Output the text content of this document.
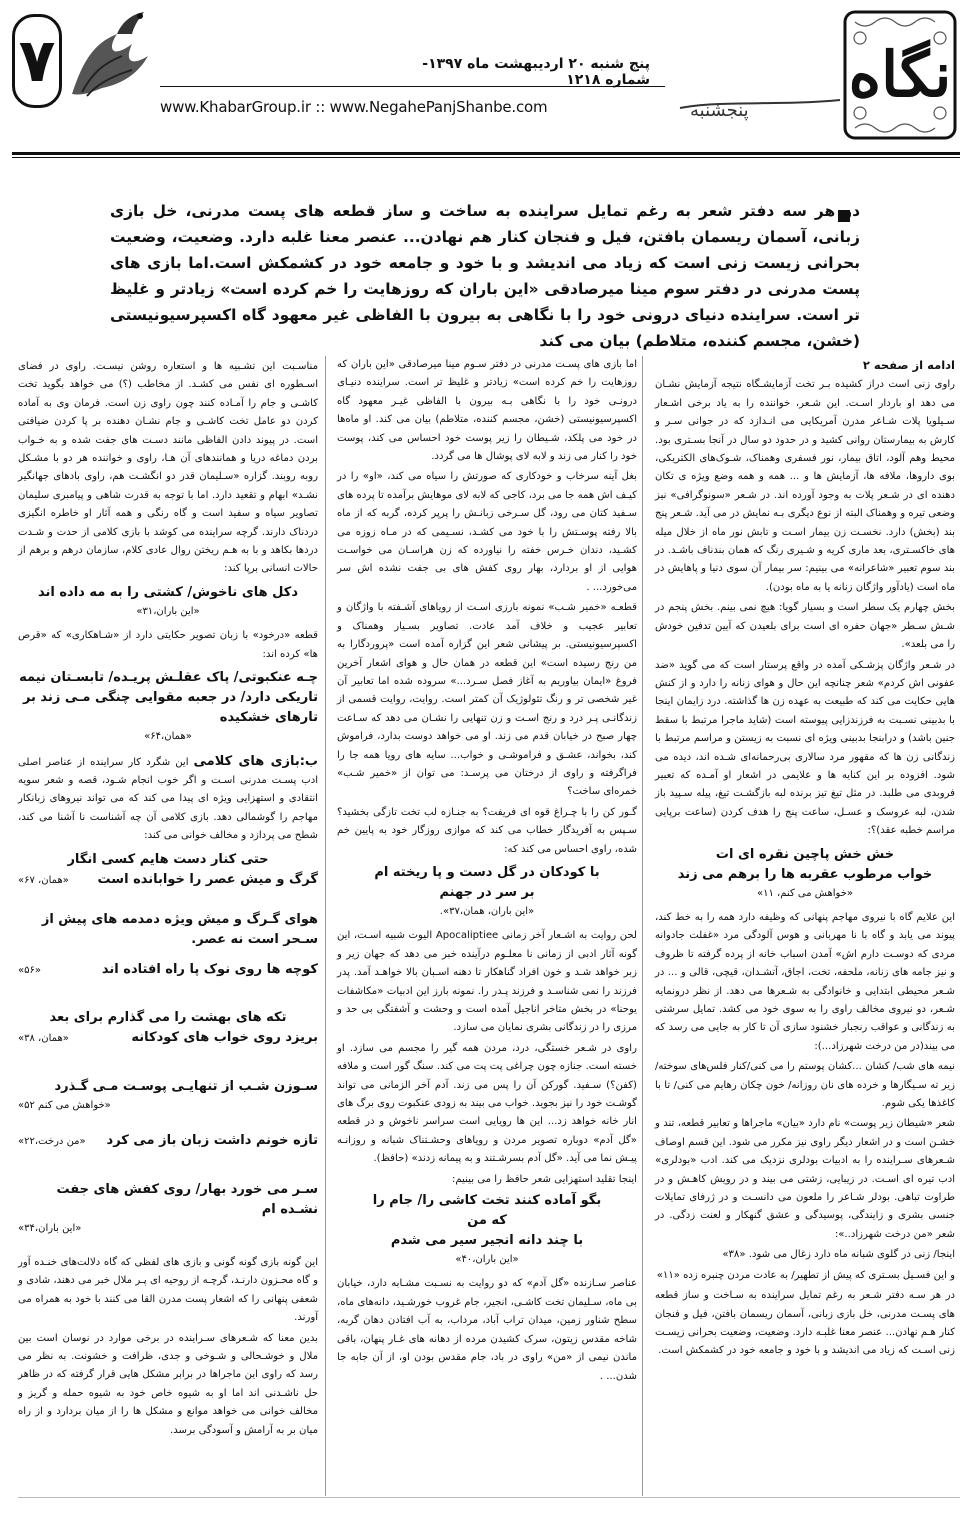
۷	پنج شنبه ۲۰ اردیبهشت ماه ۱۳۹۷- شماره ۱۲۱۸
www.KhabarGroup.ir :: www.NegahePanjShanbe.com	نگاه
پنجشنبه
در هر سه دفتر شعر به رغم تمایل سراینده به ساخت و ساز قطعه های پست مدرنی، خل بازی زبانی، آسمان ریسمان بافتن، فیل و فنجان کنار هم نهادن... عنصر معنا غلبه دارد. وضعیت، وضعیت بحرانی زیست زنی است که زیاد می اندیشد و با خود و جامعه خود در کشمکش است.اما بازی های پست مدرنی در دفتر سوم مینا میرصادقی «این باران که روزهایت را خم کرده است» زیادتر و غلیظ تر است. سراینده دنیای درونی خود را با نگاهی به بیرون با الفاظی غیر معهود گاه اکسپرسیونیستی (خشن، مجسم کننده، متلاطم) بیان می کند
ادامه از صفحه ۲

راوی زنی است دراز کشیده بـر تخت آزمایشـگاه نتیجه آزمایش نشـان می دهد او باردار اسـت. این شـعر، خواننده را به یاد برخی اشـعار سـیلویا پلات شـاعر مدرن آمریکایی می انـدازد که در جوانی سـر و کارش به بیمارستان روانی کشید و در حدود دو سال در آنجا بسـتری بود. محیط وهم آلود، اتاق بیمار، نور فسفری وهمناک، شـوک‌های الکتریکی، بوی داروها، ملافه ها، آزمایش ها و ... همه و همه وضع ویژه ی تکان دهنده ای در شـعر پلات به وجود آورده اند. در شـعر «سونوگرافی» نیز وضعی تیره و وهمناک البته از نوع دیگری بـه نمایش در می آید. شـعر پنج بند (بخش) دارد. نخسـت زن بیمار اسـت و تابش نور ماه از خلال میله های خاکسـتری، بعد ماری کریه و شـیری رنگ که همان بندناف باشـد. در بند سوم تعبیر «شاعرانه» می بینیم: سر بیمار آن سوی دنیا و پاهایش در ماه است (یادآور واژگان زنانه یا به ماه بودن).

بخش چهارم یک سطر است و بسیار گویا: هیچ نمی بینم. بخش پنجم در شـش سـطر «جهان حفره ای است برای بلعیدن که آیین تدفین خودش را می بلعد».

در شـعر واژگان پزشـکی آمده در واقع پرستار است که می گوید «ضد عفونی اش کردم» شعر چنانچه این حال و هوای زنانه را دارد و از کنش هایی حکایت می کند که طبیعت به عهده زن ها گذاشته. درد زایمان اینجا با بدبینی نسـبت به فرزندزایی پیوسته است (شاید ماجرا مرتبط با سقط جنین باشد) و درابنجا بدبینی ویژه ای نسبت به زیستن و مراسم مرتبط با زندگانی زن ها که مقهور مرد سالاری بی‌رحمانه‌ای شـده اند، دیده می شود. افزوده بر این کنایه ها و علایمی در اشعار او آمـده که تعبیر فروبدی می طلبد. در مثل تیغ تیز برنده لبه بازگشـت تیغ، پیله سـپید باز شدن، لبه عروسک و عسـل، ساعت پنج را هدف کردن (ساعت برپایی مراسم خطبه عقد)؟:

خش خش پاچین نقره ای ات
خواب مرطوب عقربه ها را برهم می زند
«خواهش می کنم، ۱۱»

این علایم گاه با نیروی مهاجم پنهانی که وظیفه دارد همه را به خط کند، پیوند می یابد و گاه با نا مهربانی و هوس آلودگی مرد «غفلت جادوانه مردی که دوسـت دارم اش» آمدن اسباب خانه از پرده گرفته تا ظروف و نیز جامه های زنانه، ملحفه، تخت، اجاق، آتشـدان، قیچی، قالی و ... در شـعر محیطی ابتدایی و خانوادگی به شـعرها می دهد. از نظر درونمایه شـعر، دو نیروی مخالف راوی را به سوی خود می کشد. تمایل سرشتی به زندگانی و عواقب رنجبار خشنود سازی آن تا کار به جایی می رسد که می بیند(در من درخت شهرزاد...):

نیمه های شب/ کشان ...کشان پوستم را می کنی/کنار فلس‌های سوخته/ زیر ته سـیگارها و خرده های نان روزانه/ خون چکان رهایم می کنی/ تا با کاغذها یکی شوم.

شعر «شیطان زیر پوست» نام دارد «بیان» ماجراها و تعابیر قطعه، تند و خشـن است و در اشعار دیگر راوی نیز مکرر می شود. این قسم اوصاف شـعرهای سـراینده را به ادبیات بودلری نزدیک می کند. ادب «بودلری» ادب تیره ای اسـت. در زیبایی، زشتی می بیند و در رویش کاهـش و در طراوت تباهی. بودلر شـاعر را ملعون می دانسـت و در ژرفای تمایلات جنسی بشری و زایندگی، پوسیدگی و عشق گنهکار و لعنت زدگی. در شعر «من درخت شهرزاد..»:

اینجا/ زنی در گلوی شبانه ماه دارد زغال می شود. «۳۸»

و این فسـیل بسـتری که پیش از تطهیر/ به عادت مردن چنبره زده «۱۱»

در هر سـه دفتر شـعر به رغم تمایل سراینده به سـاخت و ساز قطعه های پسـت مدرنی، خل بازی زبانی، آسمان ریسمان بافتن، فیل و فنجان کنار هـم نهادن... عنصر معنا غلبـه دارد. وضعیت، وضعیت بحرانی زیسـت زنی اسـت که زیاد می اندیشد و با خود و جامعه خود در کشمکش است.

اما بازی های پسـت مدرنی در دفتر سـوم مینا میرصادقی «این باران که روزهایت را خم کرده است» زیادتر و غلیظ تر است. سراینده دنیـای درونـی خود را با نگاهی بـه بیرون با الفاظی غیـر معهود گاه اکسپرسیونیستی (خشن، مجسم کننده، متلاطم) بیان می کند. او ماه‌ها در خود می پلکد، شـیطان را زیر پوست خود احساس می کند، پوست خود را کنار می زند و لابه لای پوشال ها می گردد.

بغل آینه سرخاب و خودکاری که صورتش را سیاه می کند، «او» را در کیـف اش همه جا می برد، کاجی که لابه لای موهایش برآمده تا پرده های سـفید کتان می رود، گل سـرخی زبانـش را پرپر کرده، گربه که از ماه بالا رفته پوسـتش را با خود می کشـد، نسـیمی که در مـاه زوزه می کشـید، دندان خـرس خفته را نیاورده که زن هراسـان می خواسـت هوایی از او بردارد، بهار روی کفش های بی جفت نشده اش سر می‌خورد... .

قطعـه «خمیر شـب» نمونه بارزی اسـت از رویاهای آشـفته با واژگان و تعابیر عجیب و خلاف آمد عادت. تصاویر بسـیار وهمناک و اکسپرسیونیستی. بر پیشانی شعر این گزاره آمده است «پروردگارا به من رنج رسیده است» این قطعه در همان حال و هوای اشعار آخرین فروغ «ایمان بیاوریم به آغاز فصل سـرد...» سروده شده اما تعابیر آن غیر شخصی تر و رنگ تئولوژیک آن کمتر است. روایت، روایت قسمی از زندگانـی پـر درد و رنج اسـت و زن تنهایی را نشـان می دهد که سـاعت چهار صبح در خیابان قدم می زند. او می خواهد دوست بدارد، فراموش کند، بخواند، عشـق و فراموشـی و خواب... سایه های رویا همه جا را فراگرفته و راوی از درختان می پرسـد: می توان از «خمیر شـب» خمره‌ای ساخت؟

گـور کن را با چـراغ قوه ای فریفت؟ به جنـازه لب تخت تازگی بخشید؟ سـپس به آفریدگار خطاب می کند که موازی روزگار خود به پایین خم شده، راوی احساس می کند که:

با کودکان در گل دست و پا ریخته ام
بر سر در جهنم
«این باران، همان،۳۷».

لحن روایت به اشـعار آخر زمانی Apocaliptiee الیوت شبیه اسـت، این گونه آثار ادبی از زمانی نا معلـوم درآینده خبر می دهد که جهان زیر و زبر خواهد شـد و خون افراد گناهکار تا دهنه اسـبان بالا خواهـد آمد. پدر فرزند را نمی شناسـد و فرزند پـدر را. نمونه بارز این ادبیات «مکاشفات یوحنا» در بخش متاخر اناجیل آمده است و وحشت و آشفتگی بی حد و مرزی را در زندگانی بشری نمایان می سازد.

راوی در شـعر خستگی، درد، مردن همه گیر را مجسم می سازد. او خسته است. جنازه چون چراغی پت پت می کند. سنگ گور است و ملافه (کفن؟) سـفید. گورکن آن را پس می زند. آدم آخر الزمانی می تواند گوشـت خود را نیز بجوید. خواب می بیند به زودی عنکبوت روی برگ های انار خانه خواهد زد... این ها رویایی است سراسر ناخوش و در قطعه «گل آدم» دوباره تصویر مردن و رویاهای وحشـتناک شبانه و روزانـه پیـش نما می آید. «گل آدم بسرشـتند و به پیمانه زدند» (حافظ).

اینجا تقلید استهزایی شعر حافظ را می بینیم:

بگو آماده کنند تخت کاشی را/ جام را
که من
با چند دانه انجیر سیر می شدم
«این باران،۴۰»

عناصر سـازنده «گل آدم» که دو روایت به نسـبت مشـابه دارد، خیابان بی ماه، سـلیمان تخت کاشـی، انجیر، جام غروب خورشـید، دانه‌های ماه، سطح شناور زمین، میدان تراب آباد، مرداب، به آب افتادن دهان گربه، شاخه مقدس زیتون، سرک کشیدن مرده از دهانه های غـار پنهان، باقی ماندن نیمی از «من» راوی در باد، جام مقدس بودن او، از آن جابه جا شدن... .

مناسـبت این تشـبیه ها و استعاره روشن نیسـت. راوی در فضای اسـطوره ای نفس می کشـد. از مخاطب (؟) می خواهد بگوید تخت کاشـی و جام را آمـاده کنند چون راوی زن است. فرمان وی به آماده کردن دو عامل تخت کاشـی و جام نشـان دهنده بر پا کردن ضیافتی است. در پیوند دادن الفاظی مانند دسـت های جفت شده و به خـواب بردن دماغه دریا و همانندهای آن هـا، راوی و خواننده هر دو با مشـکل روبه روبند. گزاره «سـلیمان قدر دو انگشـت هم، راوی بادهای جهانگیر نشـد» ابهام و تقعید دارد. اما با توجه به قدرت شاهی و پیامبری سلیمان تصاویر سیاه و سفید است و گاه رنگی و همه آثار او خاطره انگیزی دردناک دارند. گرچه سراینده می کوشد با بازی کلامی از حدت و شـدت دردها بکاهد و با به هـم ریختن روال عادی کلام، سازمان درهم و برهم از حالات انسانی برپا کند:

دکل های ناخوش/ کشتی را به مه داده اند
«این باران،۳۱»

قطعه «درخود» با زبان تصویر حکایتی دارد از «شـاهکاری» که «قرص ها» کرده اند:

چـه عنکبوتی/ پاک عقلـش پریـده/ تابسـتان نیمه تاریکی دارد/ در جعبه مقوایی چنگی مـی زند بر تارهای خشکیده
«همان،۶۴»

ب:بازی های کلامی این شگرد کار سراینده از عناصر اصلی ادب پسـت مدرنی اسـت و اگر خوب انجام شـود، قصه و شعر سویه انتقادی و استهزایی ویژه ای پیدا می کند که می تواند نیروهای زبانکار مهاجم را گوشمالی دهد. بازی کلامی آن چه آشناست نا آشنا می کند، شطح می پردازد و مخالف خوانی می کند:

حتی کنار دست هایم کسی انگار
گرگ و میش عصر را خوابانده است
«همان، ۶۷»
هوای گـرگ و میش ویژه دمدمه های پیش از سـحر است نه عصر.
کوچه ها روی نوک پا راه افتاده اند
«۵۶»
تکه های بهشت را می گذارم برای بعد
بریزد روی خواب های کودکانه
«همان، ۳۸»
سـوزن شـب از تنهایـی پوسـت مـی گـذرد
«خواهش می کنم ۵۲»
تازه خونم داشت زبان باز می کرد
«من درخت،۲۲»
سـر می خورد بهار/ روی کفش های جفت نشـده ام
«این باران،۳۴»

این گونه بازی گونه گونی و بازی های لفظی که گاه دلالت‌های خنـده آور و گاه محـزون دارنـد، گرچـه از روحیه ای پـر ملال خبر می دهند، شادی و شعفی پنهانی را که اشعار پست مدرن القا می کنند با خود به همراه می آورند.

بدین معنا که شـعرهای سـراینده در برخی موارد در نوسان است بین ملال و خوشـحالی و شـوخی و جدی، ظرافت و خشونت. به نظر می رسد که راوی این ماجراها در برابر مشکل هایی قرار گرفته که در ظاهر حل ناشـدنی اند اما او به شیوه خاص خود به شیوه حمله و گریز و مخالف خوانی می خواهد موانع و مشکل ها را از میان بردارد و از راه میان بر به آرامش و آسودگی برسد.
